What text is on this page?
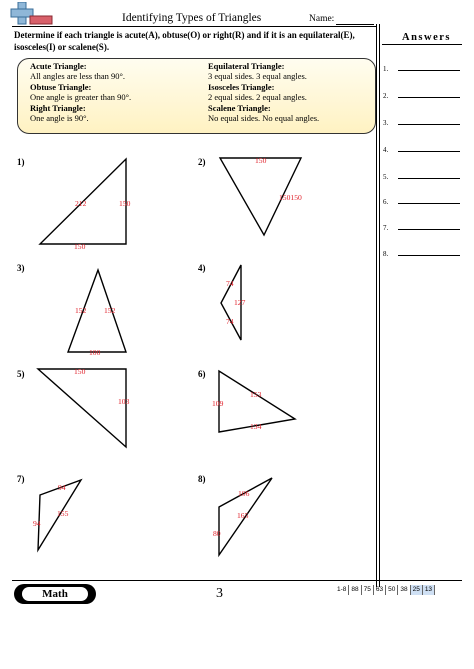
Identifying Types of Triangles	Name:
Determine if each triangle is acute(A), obtuse(O) or right(R) and if it is an equilateral(E), isosceles(I) or scalene(S).
Acute Triangle:
All angles are less than 90°.
Obtuse Triangle:
One angle is greater than 90°.
Right Triangle:
One angle is 90°.
Equilateral Triangle:
3 equal sides. 3 equal angles.
Isosceles Triangle:
2 equal sides. 2 equal angles.
Scalene Triangle:
No equal sides. No equal angles.
Answers
1.
2.
3.
4.
5.
6.
7.
8.
1)	2)
3)	4)
5)	6)
7)	8)
212	150
150
150
150150
152 152
100
74
127
74
150
103
153
109
134
94
155
94
106
165
80
Math	3	1-8 88 75 63 50 38 25 13
